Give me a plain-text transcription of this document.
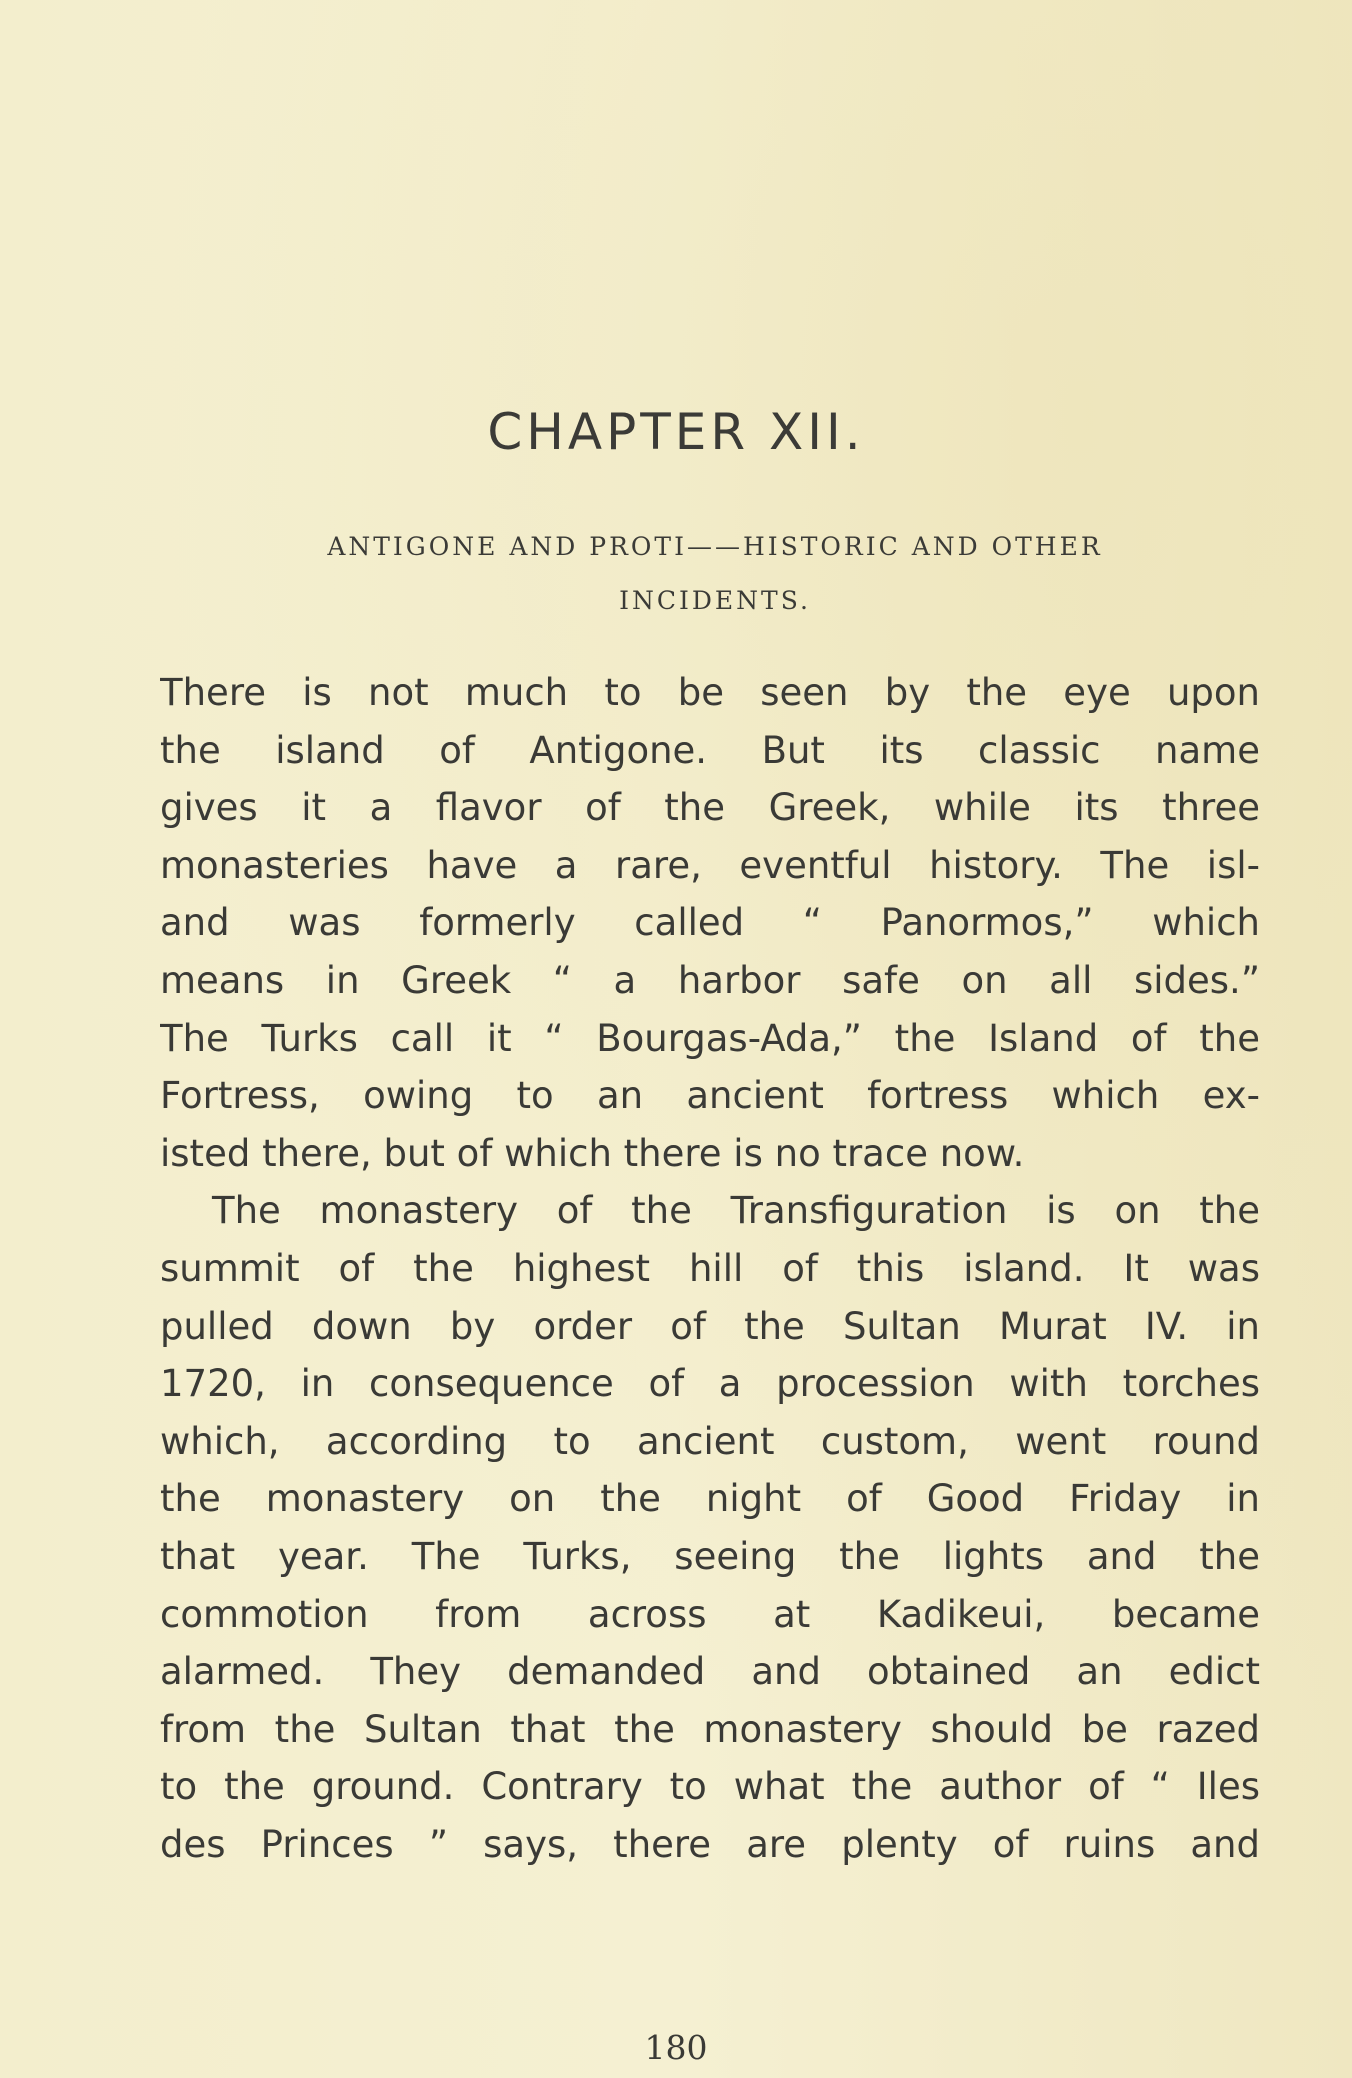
CHAPTER XII.
ANTIGONE AND PROTI——HISTORIC AND OTHER
INCIDENTS.
There is not much to be seen by the eye upon
the island of Antigone. But its classic name
gives it a flavor of the Greek, while its three
monasteries have a rare, eventful history. The isl-
and was formerly called “ Panormos,” which
means in Greek “ a harbor safe on all sides.”
The Turks call it “ Bourgas-Ada,” the Island of the
Fortress, owing to an ancient fortress which ex-
isted there, but of which there is no trace now.
The monastery of the Transfiguration is on the
summit of the highest hill of this island. It was
pulled down by order of the Sultan Murat IV. in
1720, in consequence of a procession with torches
which, according to ancient custom, went round
the monastery on the night of Good Friday in
that year. The Turks, seeing the lights and the
commotion from across at Kadikeui, became
alarmed. They demanded and obtained an edict
from the Sultan that the monastery should be razed
to the ground. Contrary to what the author of “ Iles
des Princes ” says, there are plenty of ruins and
180
